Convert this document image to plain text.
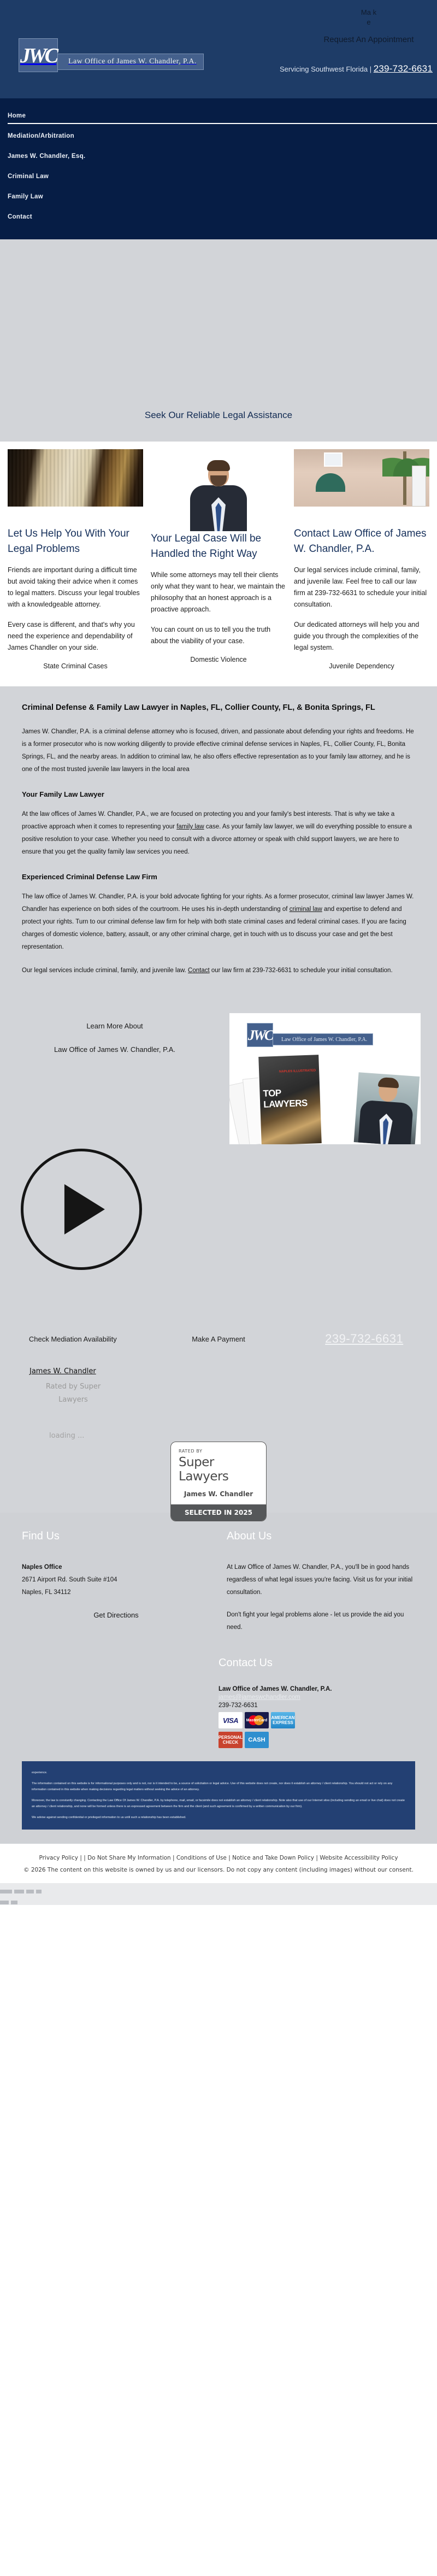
JWC Law Office of James W. Chandler, P.A.
Ma ke
Request An Appointment
Servicing Southwest Florida | 239-732-6631
Home
Mediation/Arbitration
James W. Chandler, Esq.
Criminal Law
Family Law
Contact
Seek Our Reliable Legal Assistance
Let Us Help You With Your Legal Problems

Friends are important during a difficult time but avoid taking their advice when it comes to legal matters. Discuss your legal troubles with a knowledgeable attorney.

Every case is different, and that's why you need the experience and dependability of James Chandler on your side.

State Criminal Cases
Your Legal Case Will be Handled the Right Way

While some attorneys may tell their clients only what they want to hear, we maintain the philosophy that an honest approach is a proactive approach.

You can count on us to tell you the truth about the viability of your case.

Domestic Violence
Contact Law Office of James W. Chandler, P.A.

Our legal services include criminal, family, and juvenile law. Feel free to call our law firm at 239-732-6631 to schedule your initial consultation.

Our dedicated attorneys will help you and guide you through the complexities of the legal system.

Juvenile Dependency
Criminal Defense & Family Law Lawyer in Naples, FL, Collier County, FL, & Bonita Springs, FL

James W. Chandler, P.A. is a criminal defense attorney who is focused, driven, and passionate about defending your rights and freedoms. He is a former prosecutor who is now working diligently to provide effective criminal defense services in Naples, FL, Collier County, FL, Bonita Springs, FL, and the nearby areas. In addition to criminal law, he also offers effective representation as to your family law attorney, and he is one of the most trusted juvenile law lawyers in the local area

Your Family Law Lawyer

At the law offices of James W. Chandler, P.A., we are focused on protecting you and your family's best interests. That is why we take a proactive approach when it comes to representing your family law case. As your family law lawyer, we will do everything possible to ensure a positive resolution to your case. Whether you need to consult with a divorce attorney or speak with child support lawyers, we are here to ensure that you get the quality family law services you need.

Experienced Criminal Defense Law Firm

The law office of James W. Chandler, P.A. is your bold advocate fighting for your rights. As a former prosecutor, criminal law lawyer James W. Chandler has experience on both sides of the courtroom. He uses his in-depth understanding of criminal law and expertise to defend and protect your rights. Turn to our criminal defense law firm for help with both state criminal cases and federal criminal cases. If you are facing charges of domestic violence, battery, assault, or any other criminal charge, get in touch with us to discuss your case and get the best representation.

Our legal services include criminal, family, and juvenile law. Contact our law firm at 239-732-6631 to schedule your initial consultation.

Learn More About
Law Office of James W. Chandler, P.A.
JWC Law Office of James W. Chandler, P.A.
NAPLES ILLUSTRATED
TOP LAWYERS
Check Mediation Availability	Make A Payment	239-732-6631
James W. Chandler
Rated by Super Lawyers
loading ...
RATED BY
Super Lawyers
James W. Chandler
SELECTED IN 2025
Find Us

Naples Office

2671 Airport Rd. South Suite #104

Naples, FL 34112

Get Directions
About Us

At Law Office of James W. Chandler, P.A., you'll be in good hands regardless of what legal issues you're facing. Visit us for your initial consultation.

Don't fight your legal problems alone - let us provide the aid you need.

Contact Us
Law Office of James W. Chandler, P.A.
james@jameswchandler.com
239-732-6631
VISA	MasterCard AMERICAN EXPRESS
PERSONAL CHECK	CASH

experience.

The information contained on this website is for informational purposes only and is not, nor is it intended to be, a source of solicitation or legal advice. Use of this website does not create, nor does it establish an attorney / client relationship. You should not act or rely on any information contained in this website when making decisions regarding legal matters without seeking the advice of an attorney.

Moreover, the law is constantly changing. Contacting the Law Office Of James W. Chandler, P.A. by telephone, mail, email, or facsimile does not establish an attorney / client relationship. Note also that use of our Internet sites (including sending an email or live chat) does not create an attorney / client relationship, and none will be formed unless there is an expressed agreement between the firm and the client (and such agreement is confirmed by a written communication by our firm).

We advise against sending confidential or privileged information to us until such a relationship has been established.

Privacy Policy | | Do Not Share My Information | Conditions of Use | Notice and Take Down Policy | Website Accessibility Policy
© 2026 The content on this website is owned by us and our licensors. Do not copy any content (including images) without our consent.
